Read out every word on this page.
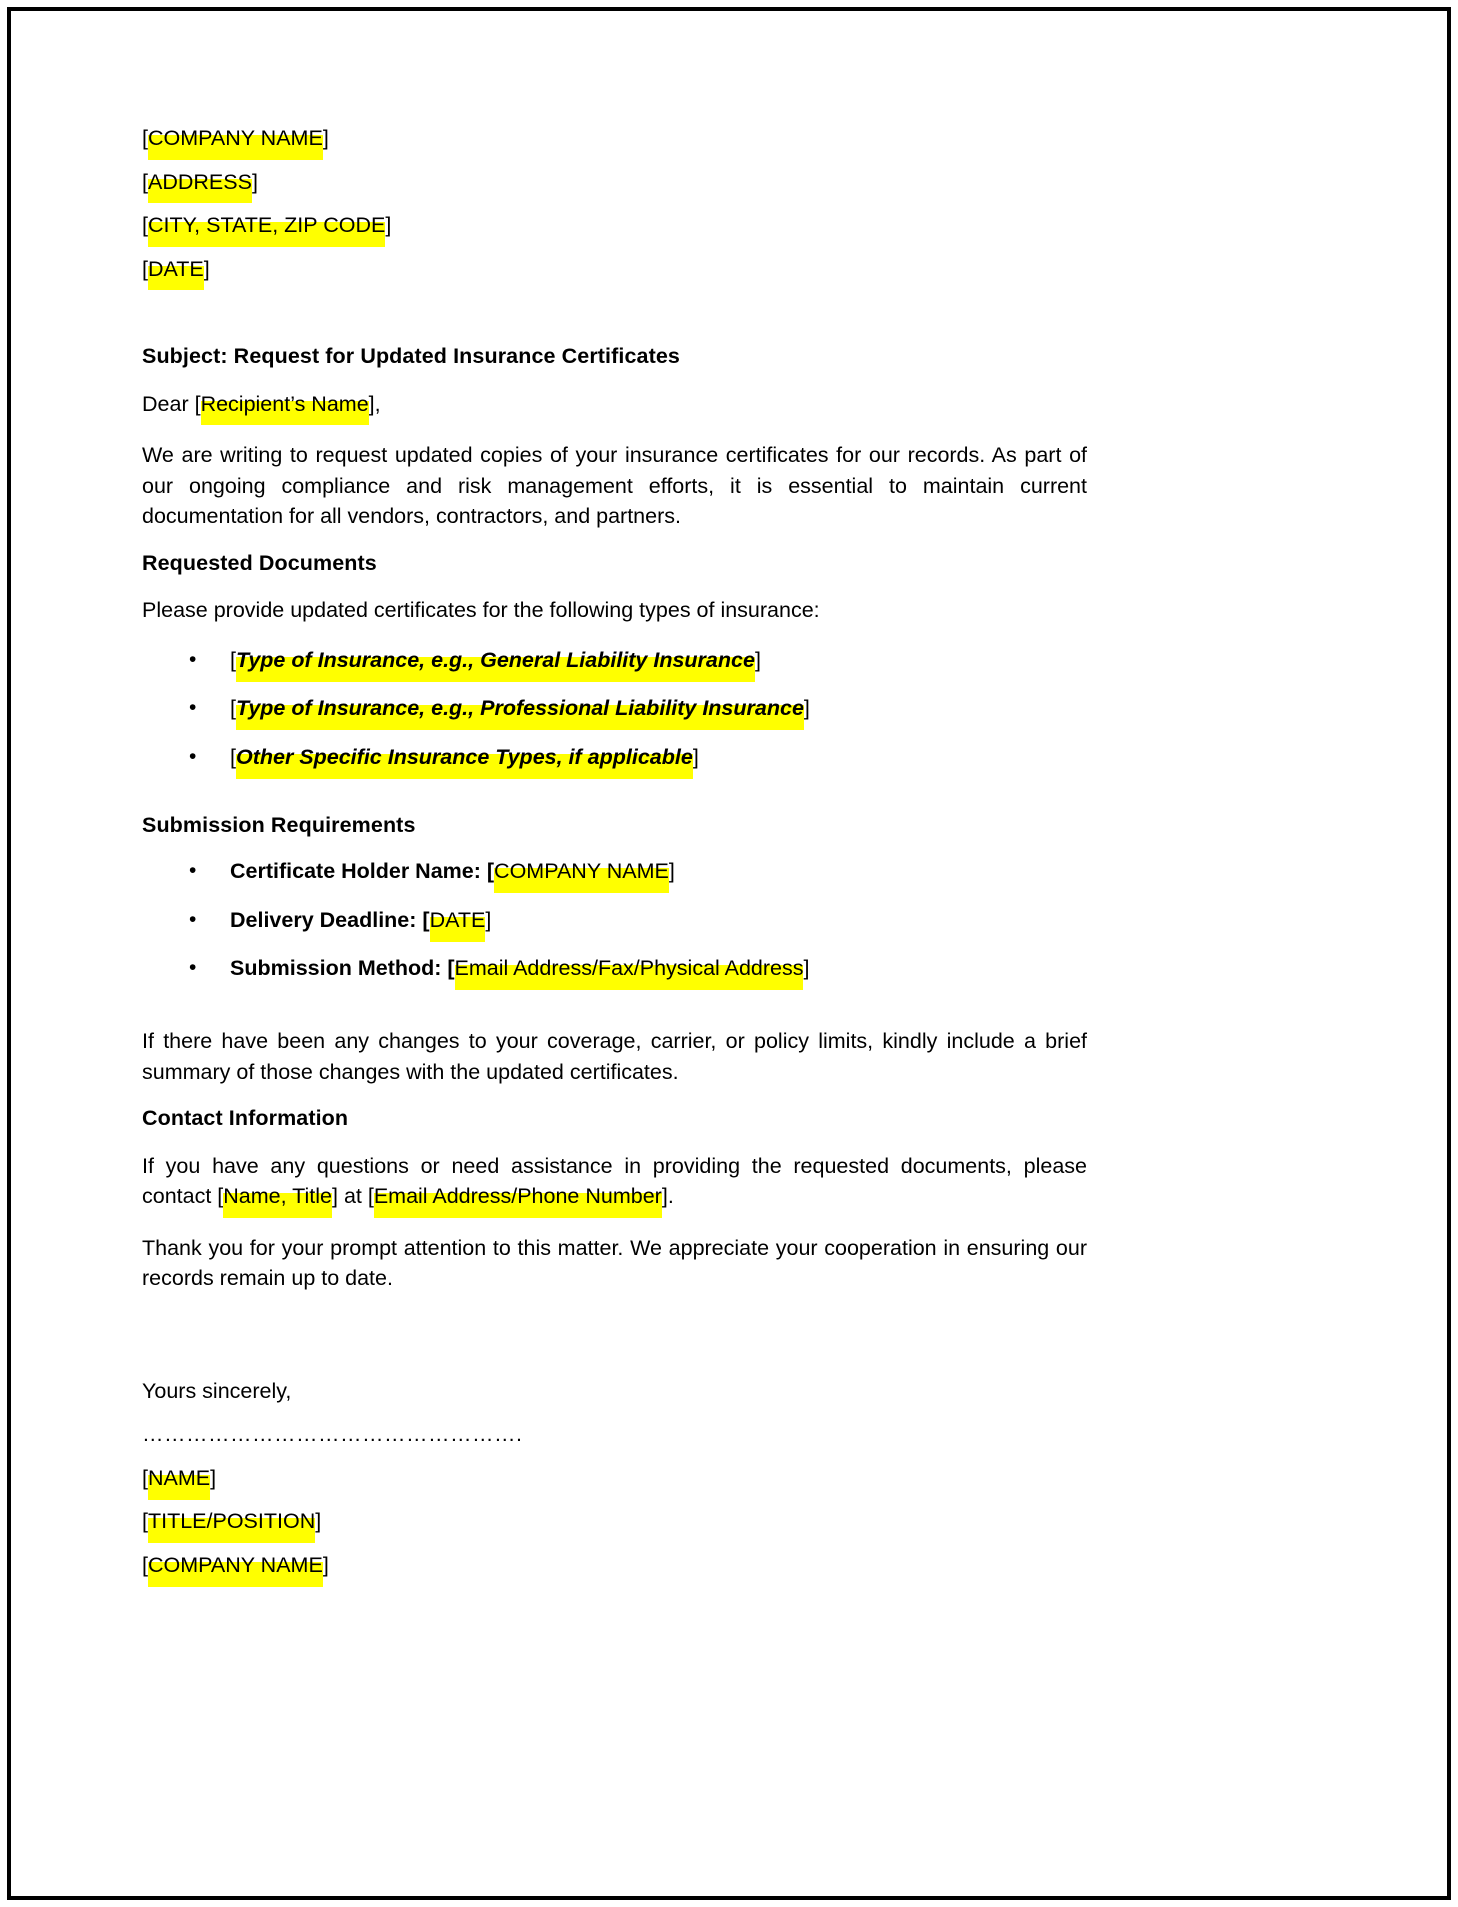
[COMPANY NAME]
[ADDRESS]
[CITY, STATE, ZIP CODE]
[DATE]
Subject: Request for Updated Insurance Certificates
Dear [Recipient’s Name],
We are writing to request updated copies of your insurance certificates for our records. As part of our ongoing compliance and risk management efforts, it is essential to maintain current documentation for all vendors, contractors, and partners.
Requested Documents
Please provide updated certificates for the following types of insurance:
• [Type of Insurance, e.g., General Liability Insurance]
• [Type of Insurance, e.g., Professional Liability Insurance]
• [Other Specific Insurance Types, if applicable]
Submission Requirements
• Certificate Holder Name: [COMPANY NAME]
• Delivery Deadline: [DATE]
• Submission Method: [Email Address/Fax/Physical Address]
If there have been any changes to your coverage, carrier, or policy limits, kindly include a brief summary of those changes with the updated certificates.
Contact Information
If you have any questions or need assistance in providing the requested documents, please contact [Name, Title] at [Email Address/Phone Number].
Thank you for your prompt attention to this matter. We appreciate your cooperation in ensuring our records remain up to date.
Yours sincerely,
…………………………………………….
[NAME]
[TITLE/POSITION]
[COMPANY NAME]
